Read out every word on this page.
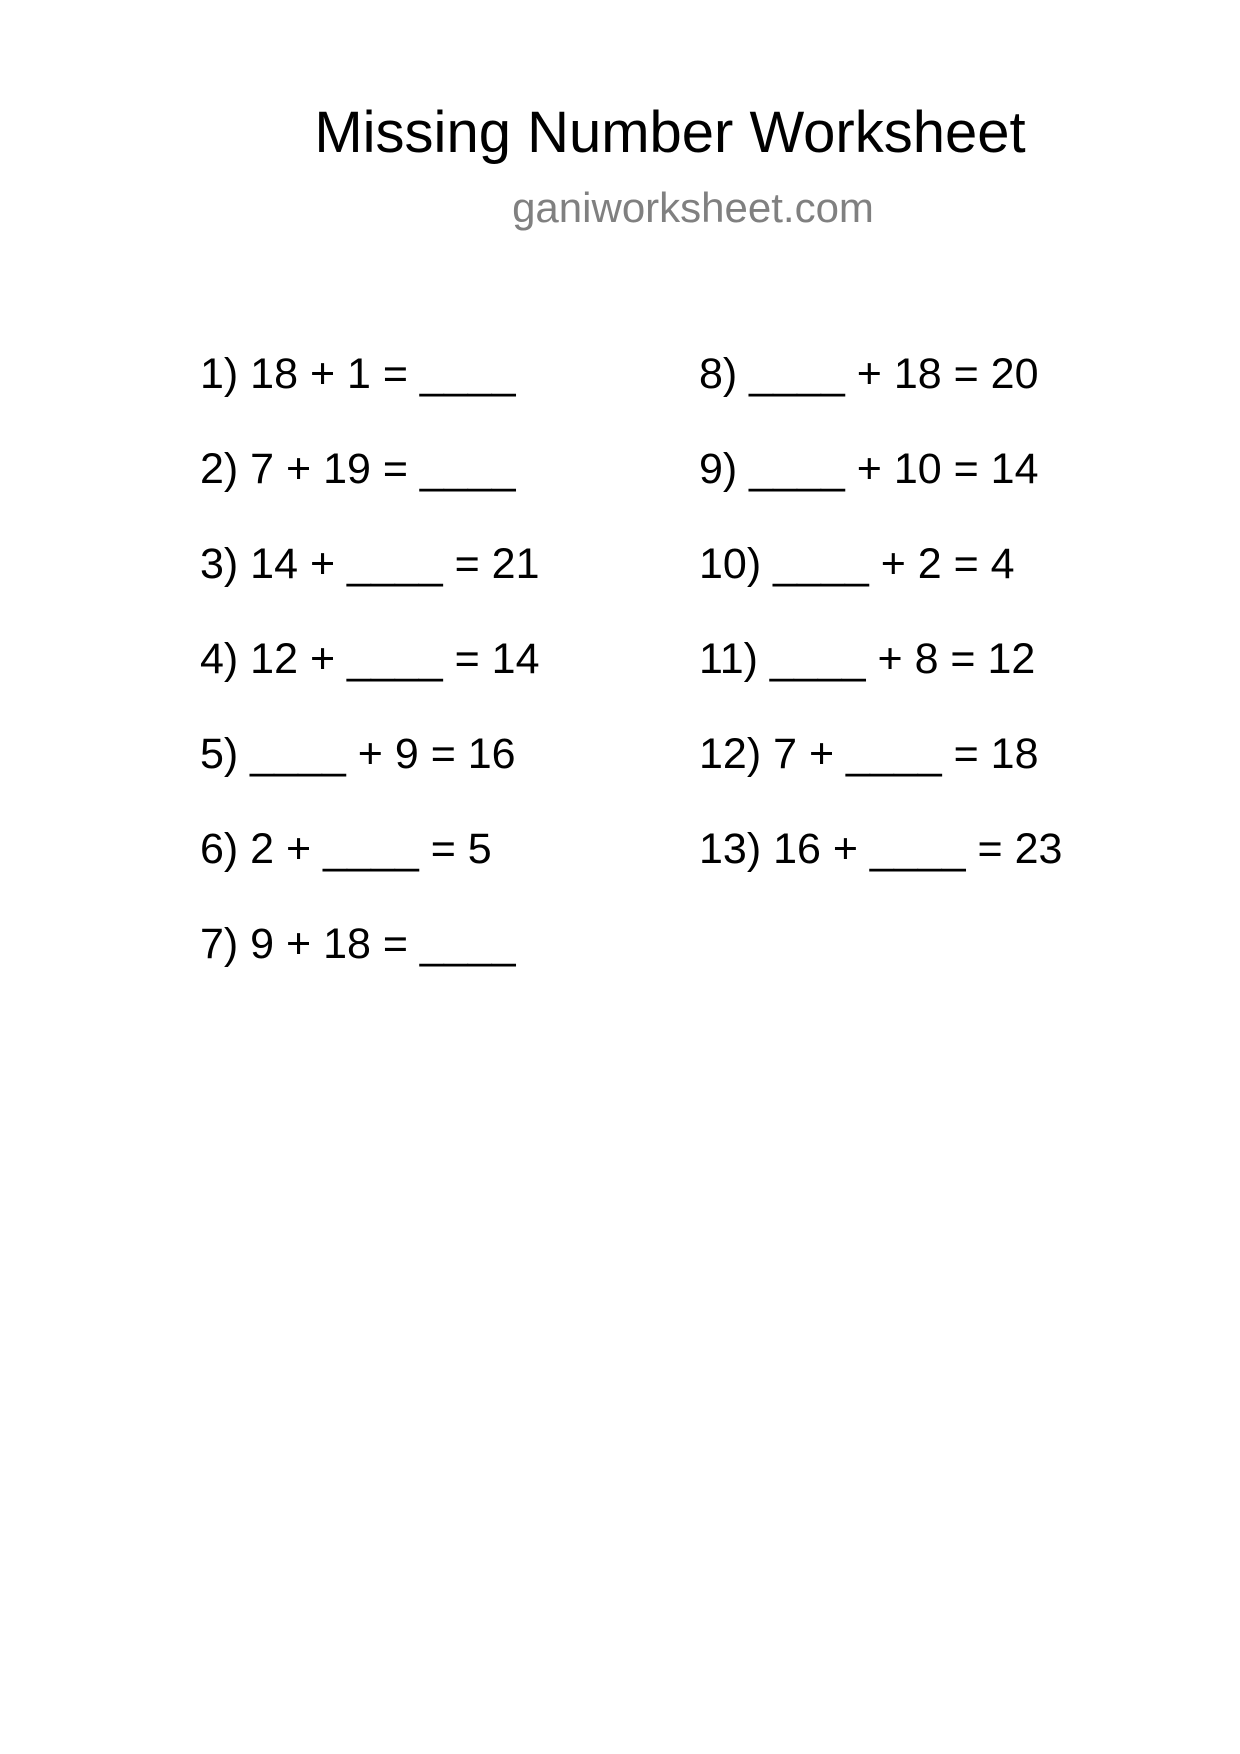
Missing Number Worksheet
ganiworksheet.com
1) 18 + 1 = ____
2) 7 + 19 = ____
3) 14 + ____ = 21
4) 12 + ____ = 14
5) ____ + 9 = 16
6) 2 + ____ = 5
7) 9 + 18 = ____
8) ____ + 18 = 20
9) ____ + 10 = 14
10) ____ + 2 = 4
11) ____ + 8 = 12
12) 7 + ____ = 18
13) 16 + ____ = 23
